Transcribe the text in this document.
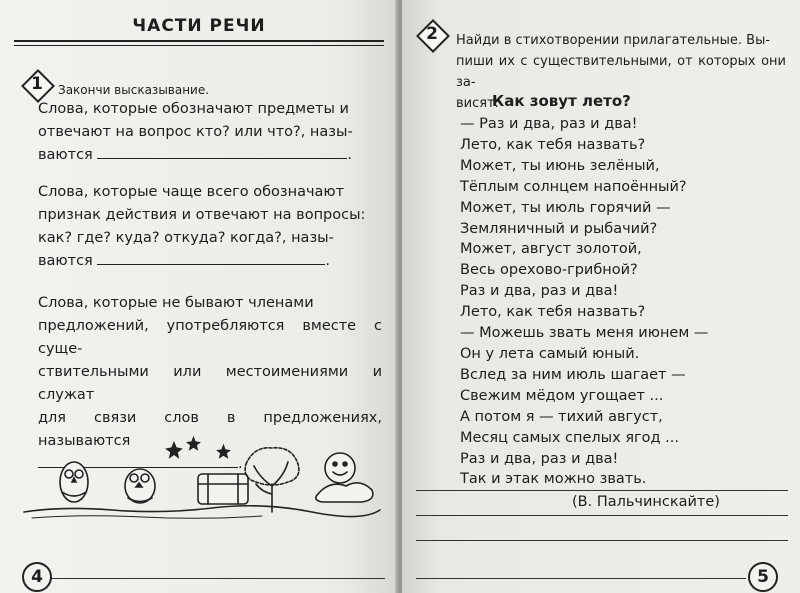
ЧАСТИ РЕЧИ
1	Закончи высказывание.

Слова, которые обозначают предметы и

отвечают на вопрос кто? или что?, назы-

ваются	.

Слова, которые чаще всего обозначают

признак действия и отвечают на вопросы:

как? где? куда? откуда? когда?, назы-

ваются	.

Слова, которые не бывают членами

предложений, употребляются вместе с суще-

ствительными или местоимениями и служат

для связи слов в предложениях, называются

.

4
2	Найди в стихотворении прилагательные. Вы-
пиши их с существительными, от которых они за-
висят.
Как зовут лето?
— Раз и два, раз и два!
Лето, как тебя назвать?
Может, ты июнь зелёный,
Тёплым солнцем напоённый?
Может, ты июль горячий —
Земляничный и рыбачий?
Может, август золотой,
Весь орехово-грибной?
Раз и два, раз и два!
Лето, как тебя назвать?
— Можешь звать меня июнем —
Он у лета самый юный.
Вслед за ним июль шагает —
Свежим мёдом угощает ...
А потом я — тихий август,
Месяц самых спелых ягод ...
Раз и два, раз и два!
Так и этак можно звать.
(В. Пальчинскайте)
5
